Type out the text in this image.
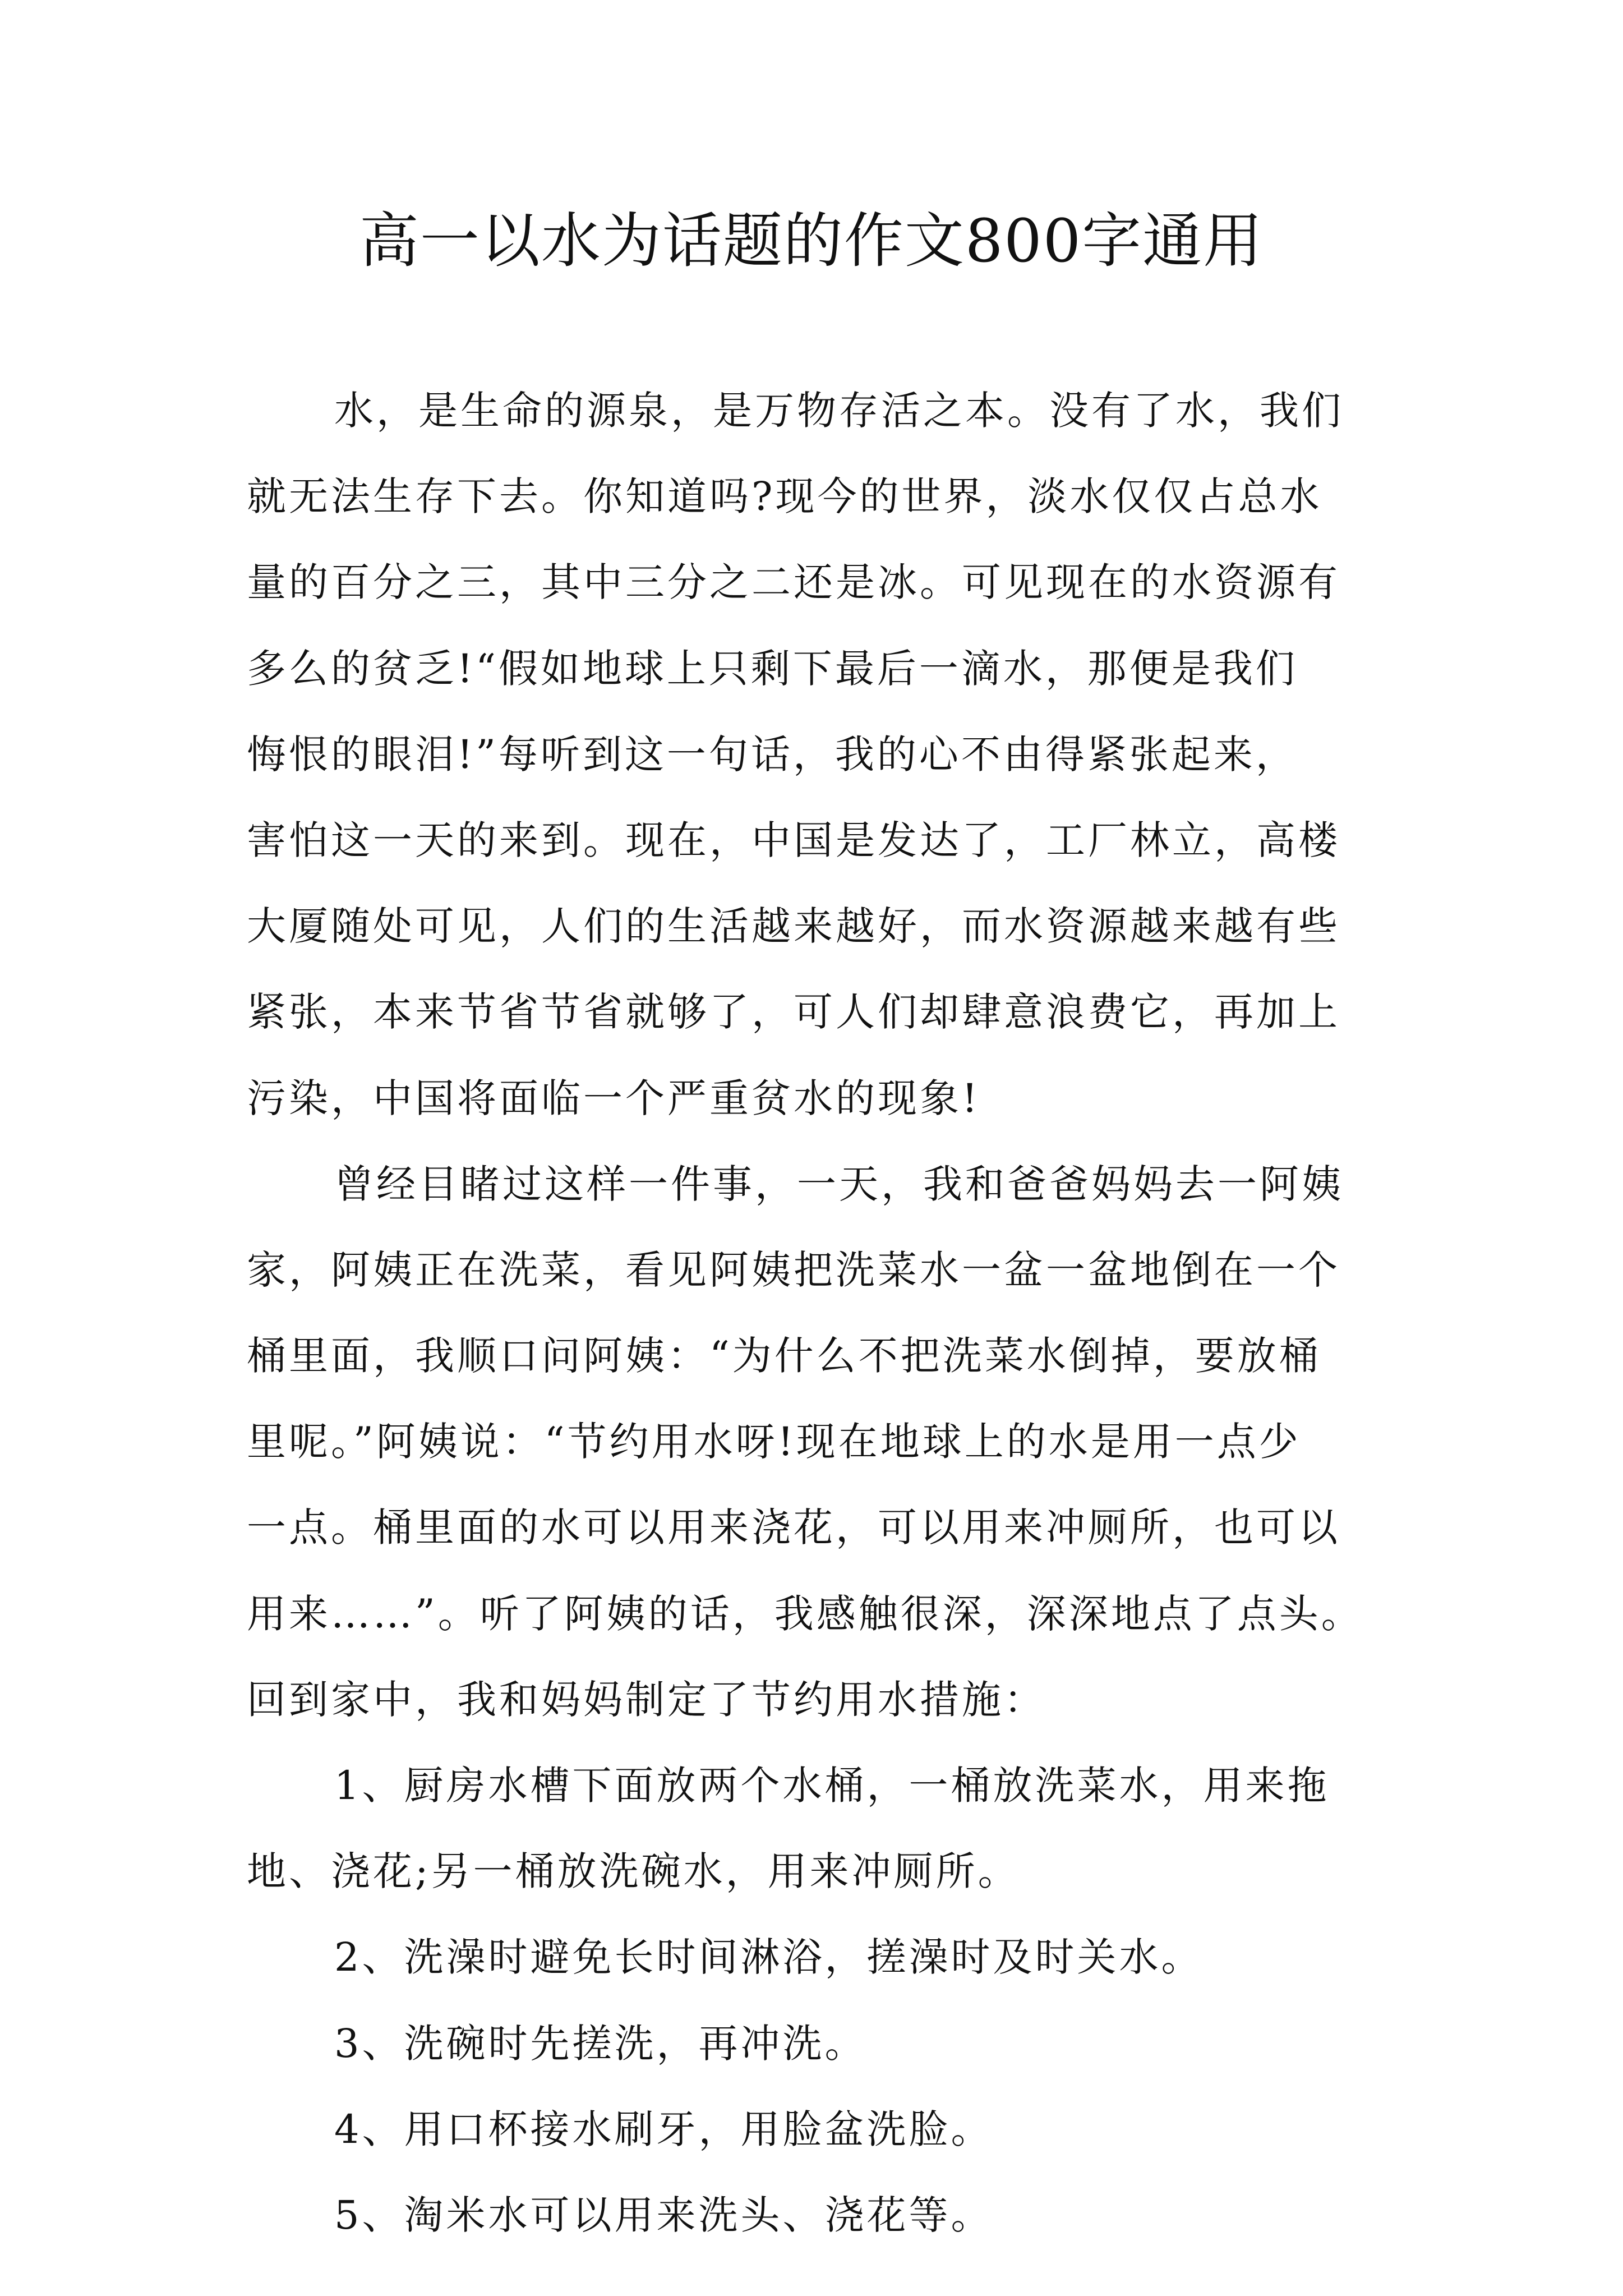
高一以水为话题的作文800字通用
水，是生命的源泉，是万物存活之本。没有了水，我们
就无法生存下去。你知道吗?现今的世界，淡水仅仅占总水
量的百分之三，其中三分之二还是冰。可见现在的水资源有
多么的贫乏!“假如地球上只剩下最后一滴水，那便是我们
悔恨的眼泪!”每听到这一句话，我的心不由得紧张起来，
害怕这一天的来到。现在，中国是发达了，工厂林立，高楼
大厦随处可见，人们的生活越来越好，而水资源越来越有些
紧张，本来节省节省就够了，可人们却肆意浪费它，再加上
污染，中国将面临一个严重贫水的现象!
曾经目睹过这样一件事，一天，我和爸爸妈妈去一阿姨
家，阿姨正在洗菜，看见阿姨把洗菜水一盆一盆地倒在一个
桶里面，我顺口问阿姨：“为什么不把洗菜水倒掉，要放桶
里呢。”阿姨说：“节约用水呀!现在地球上的水是用一点少
一点。桶里面的水可以用来浇花，可以用来冲厕所，也可以
用来……”。听了阿姨的话，我感触很深，深深地点了点头。
回到家中，我和妈妈制定了节约用水措施：
1、厨房水槽下面放两个水桶，一桶放洗菜水，用来拖
地、浇花;另一桶放洗碗水，用来冲厕所。
2、洗澡时避免长时间淋浴，搓澡时及时关水。
3、洗碗时先搓洗，再冲洗。
4、用口杯接水刷牙，用脸盆洗脸。
5、淘米水可以用来洗头、浇花等。
